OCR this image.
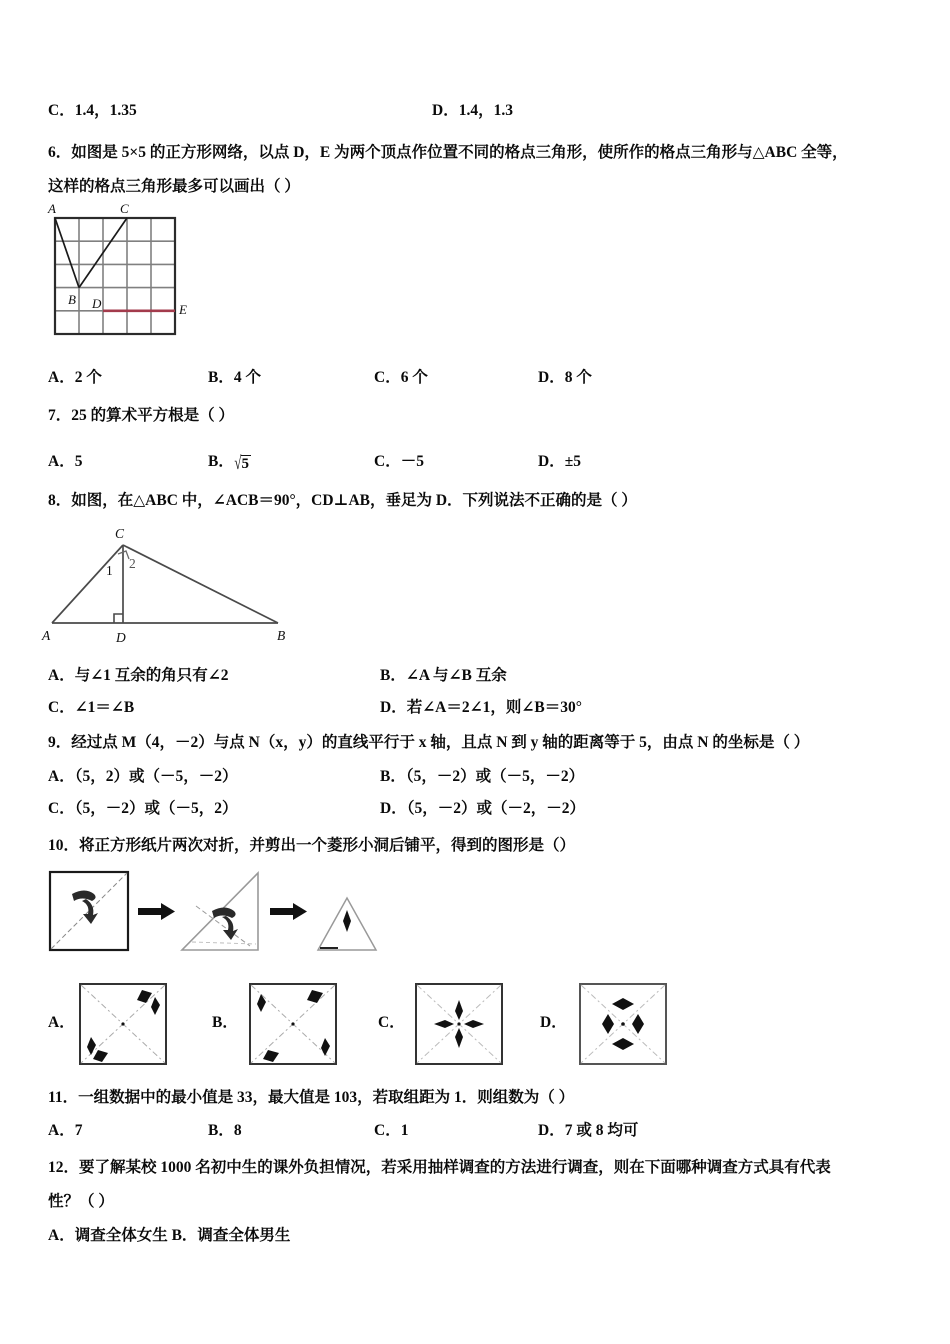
C．1.4，1.35	D．1.4，1.3
6．如图是 5×5 的正方形网络，以点 D，E 为两个顶点作位置不同的格点三角形，使所作的格点三角形与△ABC 全等，
这样的格点三角形最多可以画出（ ）
A	C
B D	E
A．2 个	B．4 个	C．6 个	D．8 个
7．25 的算术平方根是（ ）
A．5	B．√5	C．－5	D．±5
8．如图，在△ABC 中，∠ACB＝90°，CD⊥AB，垂足为 D．下列说法不正确的是（ ）
A	D	B
C
1 2
A．与∠1 互余的角只有∠2	B．∠A 与∠B 互余
C．∠1＝∠B	D．若∠A＝2∠1，则∠B＝30°
9．经过点 M（4，－2）与点 N（x，y）的直线平行于 x 轴，且点 N 到 y 轴的距离等于 5，由点 N 的坐标是（ ）
A．（5，2）或（－5，－2）	B．（5，－2）或（－5，－2）
C．（5，－2）或（－5，2）	D．（5，－2）或（－2，－2）
10．将正方形纸片两次对折，并剪出一个菱形小洞后铺平，得到的图形是（）
A．	B．	C．	D．
11．一组数据中的最小值是 33，最大值是 103，若取组距为 1．则组数为（ ）
A．7	B．8	C．1	D．7 或 8 均可
12．要了解某校 1000 名初中生的课外负担情况，若采用抽样调查的方法进行调查，则在下面哪种调查方式具有代表
性？（ ）
A．调查全体女生 B．调查全体男生
